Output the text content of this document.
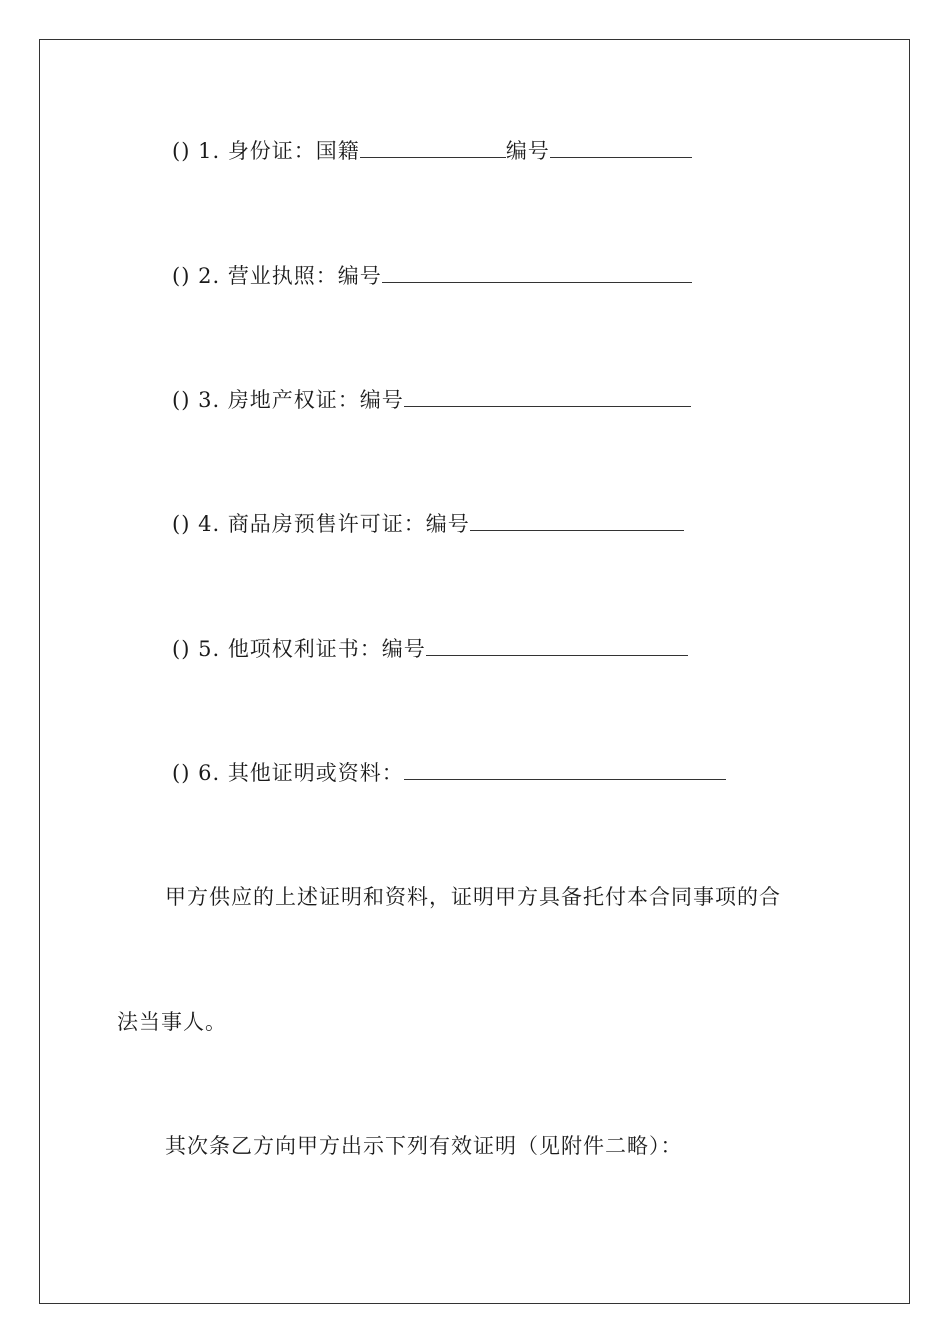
() 1. 身份证：国籍	编号
() 2. 营业执照：编号
() 3. 房地产权证：编号
() 4. 商品房预售许可证：编号
() 5. 他项权利证书：编号
() 6. 其他证明或资料：
甲方供应的上述证明和资料，证明甲方具备托付本合同事项的合
法当事人。
其次条乙方向甲方出示下列有效证明（见附件二略）：
